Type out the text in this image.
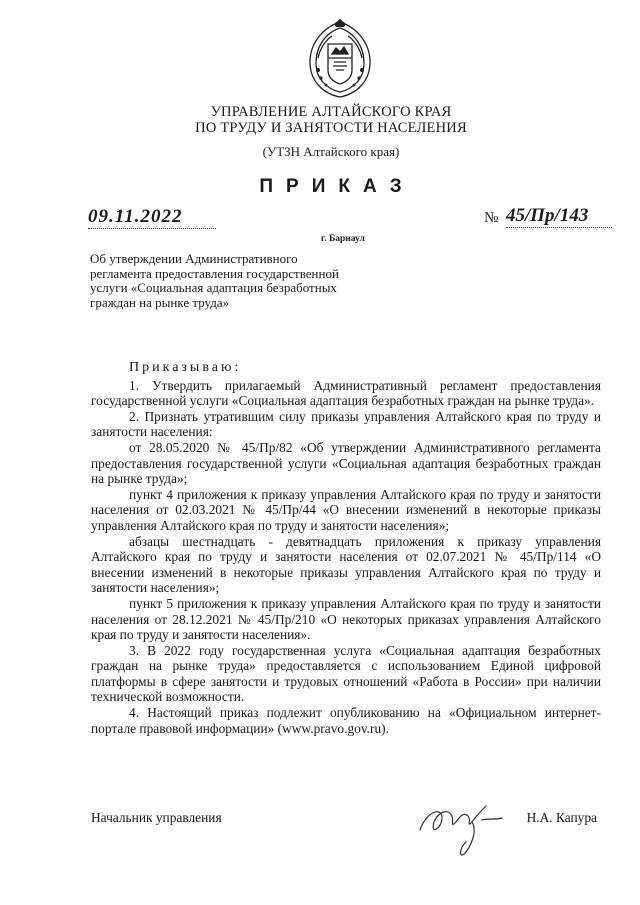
УПРАВЛЕНИЕ АЛТАЙСКОГО КРАЯ
ПО ТРУДУ И ЗАНЯТОСТИ НАСЕЛЕНИЯ
(УТЗН Алтайского края)
ПРИКАЗ
09.11.2022	№ 45/Пр/143
г. Барнаул
Об утверждении Административного регламента предоставления государственной услуги «Социальная адаптация безработных граждан на рынке труда»

Приказываю:

1. Утвердить прилагаемый Административный регламент предоставления государственной услуги «Социальная адаптация безработных граждан на рынке труда».

2. Признать утратившим силу приказы управления Алтайского края по труду и занятости населения:

от 28.05.2020 № 45/Пр/82 «Об утверждении Административного регламента предоставления государственной услуги «Социальная адаптация безработных граждан на рынке труда»;

пункт 4 приложения к приказу управления Алтайского края по труду и занятости населения от 02.03.2021 № 45/Пр/44 «О внесении изменений в некоторые приказы управления Алтайского края по труду и занятости населения»;

абзацы шестнадцать - девятнадцать приложения к приказу управления Алтайского края по труду и занятости населения от 02.07.2021 № 45/Пр/114 «О внесении изменений в некоторые приказы управления Алтайского края по труду и занятости населения»;

пункт 5 приложения к приказу управления Алтайского края по труду и занятости населения от 28.12.2021 № 45/Пр/210 «О некоторых приказах управления Алтайского края по труду и занятости населения».

3. В 2022 году государственная услуга «Социальная адаптация безработных граждан на рынке труда» предоставляется с использованием Единой цифровой платформы в сфере занятости и трудовых отношений «Работа в России» при наличии технической возможности.

4. Настоящий приказ подлежит опубликованию на «Официальном интернет-портале правовой информации» (www.pravo.gov.ru).

Начальник управления	Н.А. Капура
